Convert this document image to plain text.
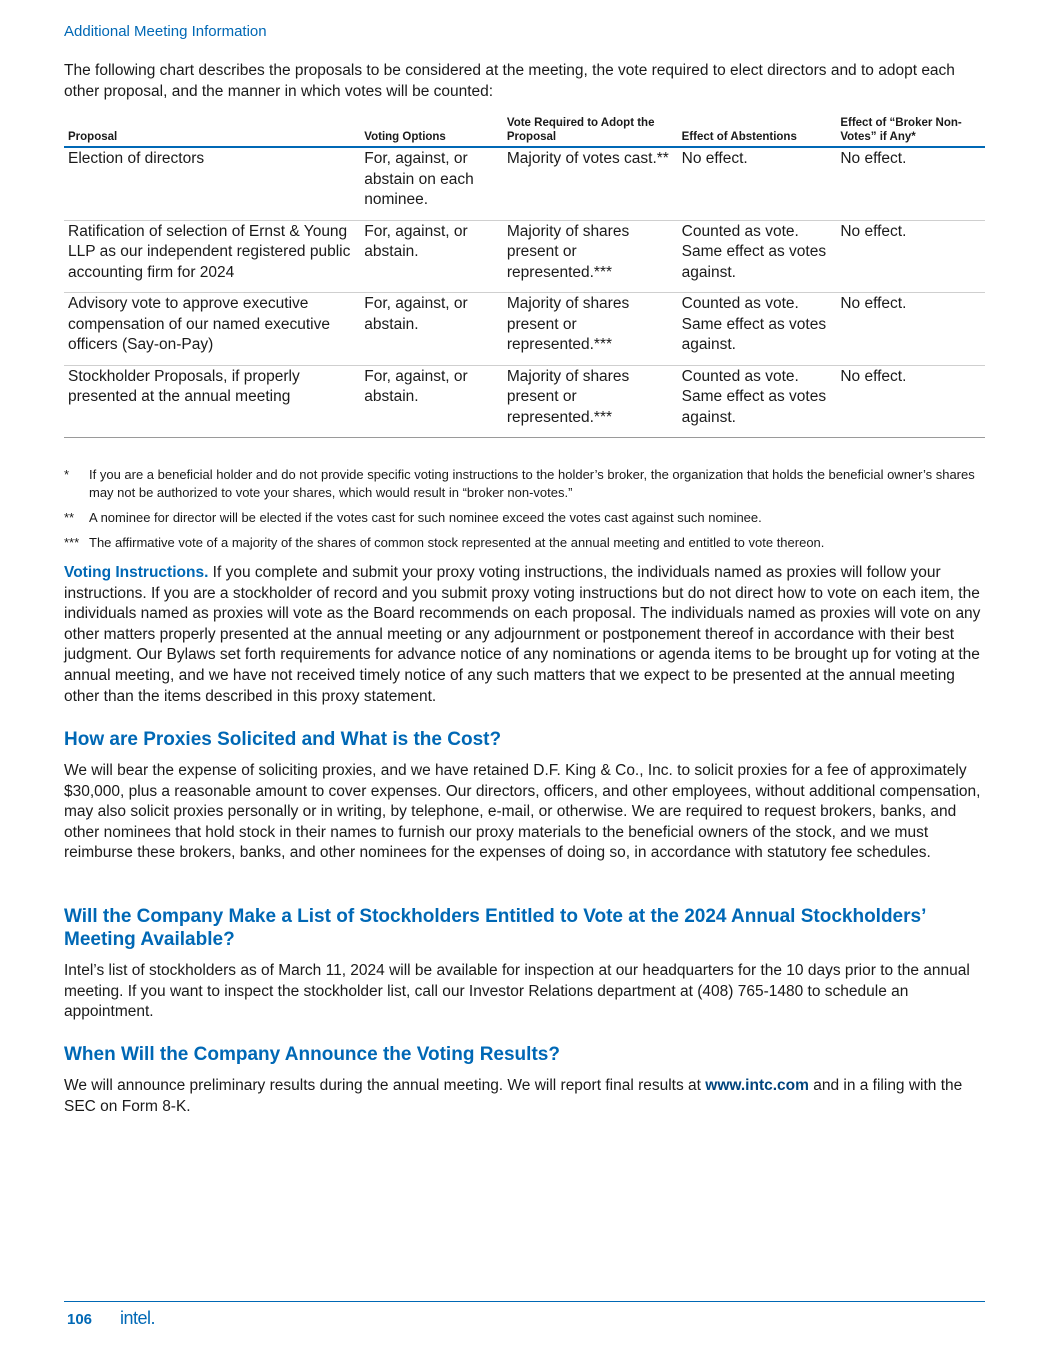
Additional Meeting Information

The following chart describes the proposals to be considered at the meeting, the vote required to elect directors and to adopt each other proposal, and the manner in which votes will be counted:

Proposal	Voting Options	Vote Required to Adopt the Proposal	Effect of Abstentions	Effect of “Broker Non-Votes” if Any*
Election of directors	For, against, or abstain on each nominee.	Majority of votes cast.**	No effect.	No effect.
Ratification of selection of Ernst & Young LLP as our independent registered public accounting firm for 2024	For, against, or abstain.	Majority of shares present or represented.***	Counted as vote. Same effect as votes against.	No effect.
Advisory vote to approve executive compensation of our named executive officers (Say-on-Pay)	For, against, or abstain.	Majority of shares present or represented.***	Counted as vote. Same effect as votes against.	No effect.
Stockholder Proposals, if properly presented at the annual meeting	For, against, or abstain.	Majority of shares present or represented.***	Counted as vote. Same effect as votes against.	No effect.
*	If you are a beneficial holder and do not provide specific voting instructions to the holder’s broker, the organization that holds the beneficial owner’s shares may not be authorized to vote your shares, which would result in “broker non-votes.”
**	A nominee for director will be elected if the votes cast for such nominee exceed the votes cast against such nominee.
*** The affirmative vote of a majority of the shares of common stock represented at the annual meeting and entitled to vote thereon.

Voting Instructions. If you complete and submit your proxy voting instructions, the individuals named as proxies will follow your instructions. If you are a stockholder of record and you submit proxy voting instructions but do not direct how to vote on each item, the individuals named as proxies will vote as the Board recommends on each proposal. The individuals named as proxies will vote on any other matters properly presented at the annual meeting or any adjournment or postponement thereof in accordance with their best judgment. Our Bylaws set forth requirements for advance notice of any nominations or agenda items to be brought up for voting at the annual meeting, and we have not received timely notice of any such matters that we expect to be presented at the annual meeting other than the items described in this proxy statement.

How are Proxies Solicited and What is the Cost?

We will bear the expense of soliciting proxies, and we have retained D.F. King & Co., Inc. to solicit proxies for a fee of approximately $30,000, plus a reasonable amount to cover expenses. Our directors, officers, and other employees, without additional compensation, may also solicit proxies personally or in writing, by telephone, e-mail, or otherwise. We are required to request brokers, banks, and other nominees that hold stock in their names to furnish our proxy materials to the beneficial owners of the stock, and we must reimburse these brokers, banks, and other nominees for the expenses of doing so, in accordance with statutory fee schedules.

Will the Company Make a List of Stockholders Entitled to Vote at the 2024 Annual Stockholders’ Meeting Available?

Intel’s list of stockholders as of March 11, 2024 will be available for inspection at our headquarters for the 10 days prior to the annual meeting. If you want to inspect the stockholder list, call our Investor Relations department at (408) 765-1480 to schedule an appointment.

When Will the Company Announce the Voting Results?

We will announce preliminary results during the annual meeting. We will report final results at www.intc.com and in a filing with the SEC on Form 8-K.

106 intel.
